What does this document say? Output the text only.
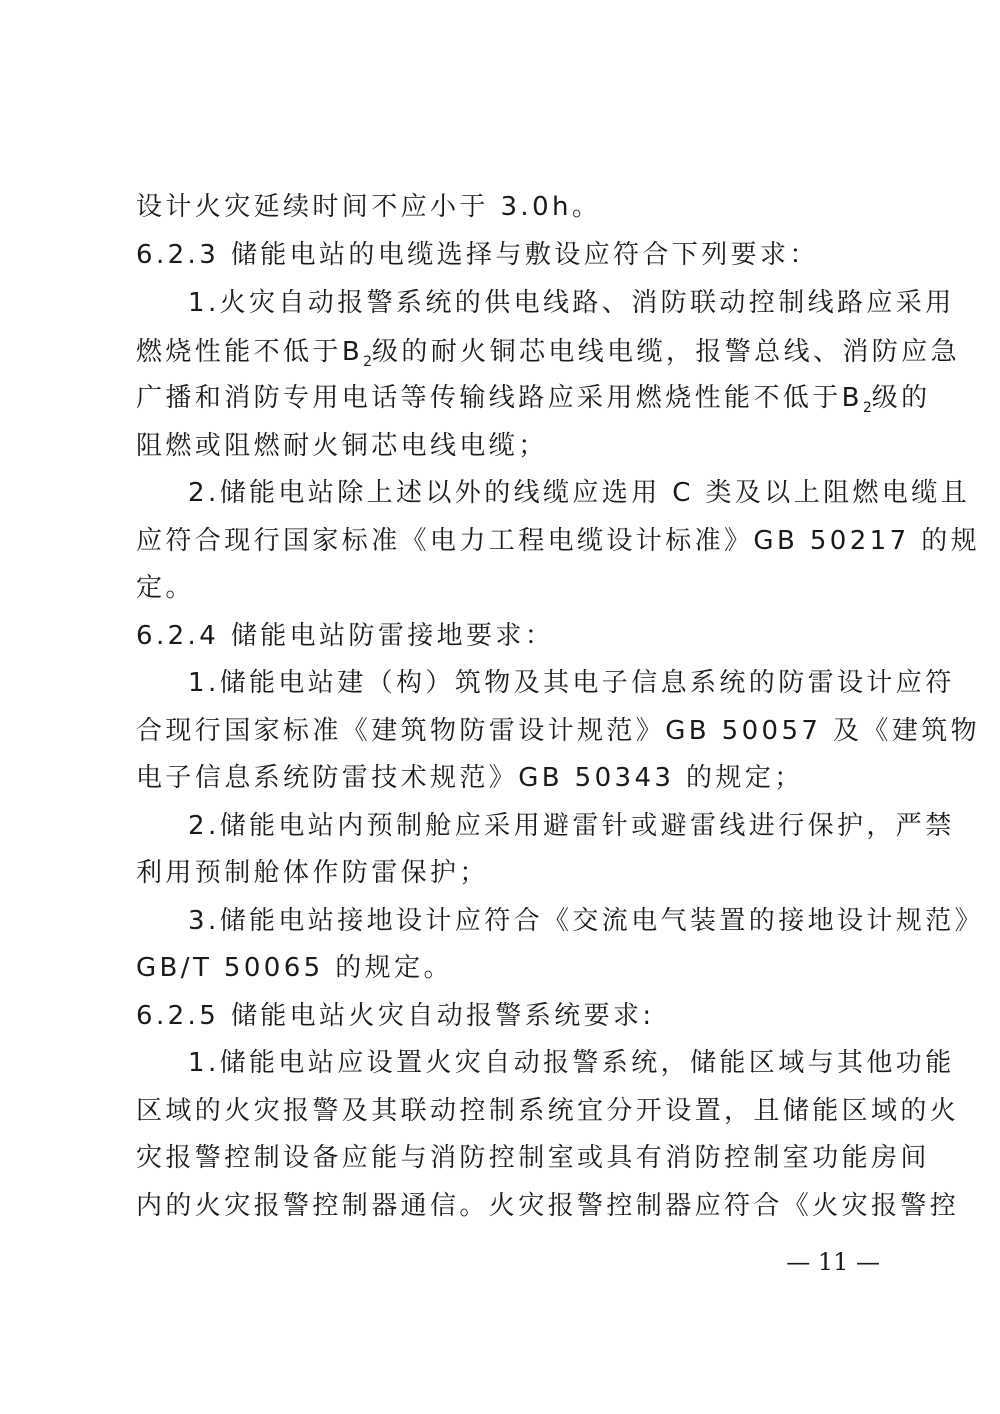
设计火灾延续时间不应小于 3.0h。
6.2.3 储能电站的电缆选择与敷设应符合下列要求：
1.火灾自动报警系统的供电线路、消防联动控制线路应采用
燃烧性能不低于$B_2$级的耐火铜芯电线电缆，报警总线、消防应急
广播和消防专用电话等传输线路应采用燃烧性能不低于$B_2$级的
阻燃或阻燃耐火铜芯电线电缆；
2.储能电站除上述以外的线缆应选用 C 类及以上阻燃电缆且
应符合现行国家标准《电力工程电缆设计标准》GB 50217 的规
定。
6.2.4 储能电站防雷接地要求：
1.储能电站建（构）筑物及其电子信息系统的防雷设计应符
合现行国家标准《建筑物防雷设计规范》GB 50057 及《建筑物
电子信息系统防雷技术规范》GB 50343 的规定；
2.储能电站内预制舱应采用避雷针或避雷线进行保护，严禁
利用预制舱体作防雷保护；
3.储能电站接地设计应符合《交流电气装置的接地设计规范》
GB/T 50065 的规定。
6.2.5 储能电站火灾自动报警系统要求:
1.储能电站应设置火灾自动报警系统，储能区域与其他功能
区域的火灾报警及其联动控制系统宜分开设置，且储能区域的火
灾报警控制设备应能与消防控制室或具有消防控制室功能房间
内的火灾报警控制器通信。火灾报警控制器应符合《火灾报警控
— 11 —
